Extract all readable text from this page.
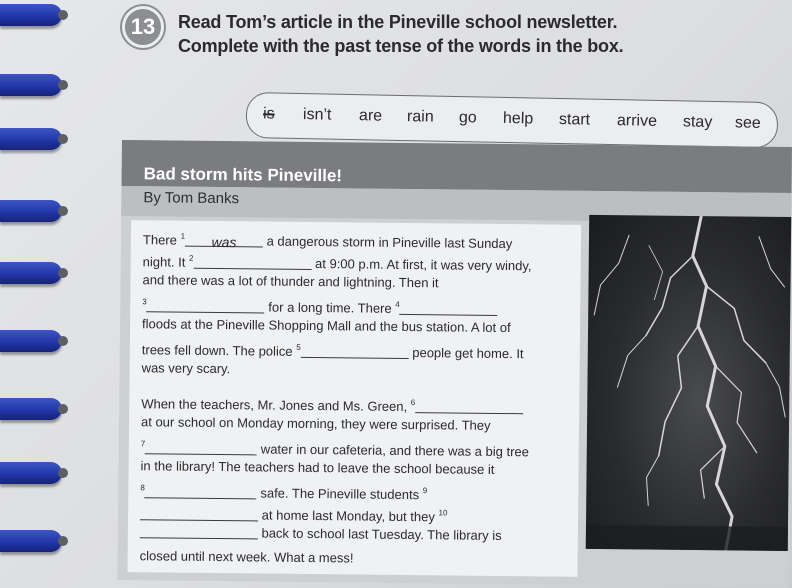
13	Read Tom’s article in the Pineville school newsletter.
Complete with the past tense of the words in the box.
is isn’t are rain go help start arrive stay see
Bad storm hits Pineville!
By Tom Banks
There $^1$ was a dangerous storm in Pineville last Sunday
night. It $^2$	at 9:00 p.m. At first, it was very windy,
and there was a lot of thunder and lightning. Then it
$^3$	for a long time. There $^4$
floods at the Pineville Shopping Mall and the bus station. A lot of
trees fell down. The police $^5$	people get home. It
was very scary.
When the teachers, Mr. Jones and Ms. Green, $^6$
at our school on Monday morning, they were surprised. They
$^7$	water in our cafeteria, and there was a big tree
in the library! The teachers had to leave the school because it
$^8$	safe. The Pineville students $^9$
at home last Monday, but they $^{10}$
back to school last Tuesday. The library is
closed until next week. What a mess!
